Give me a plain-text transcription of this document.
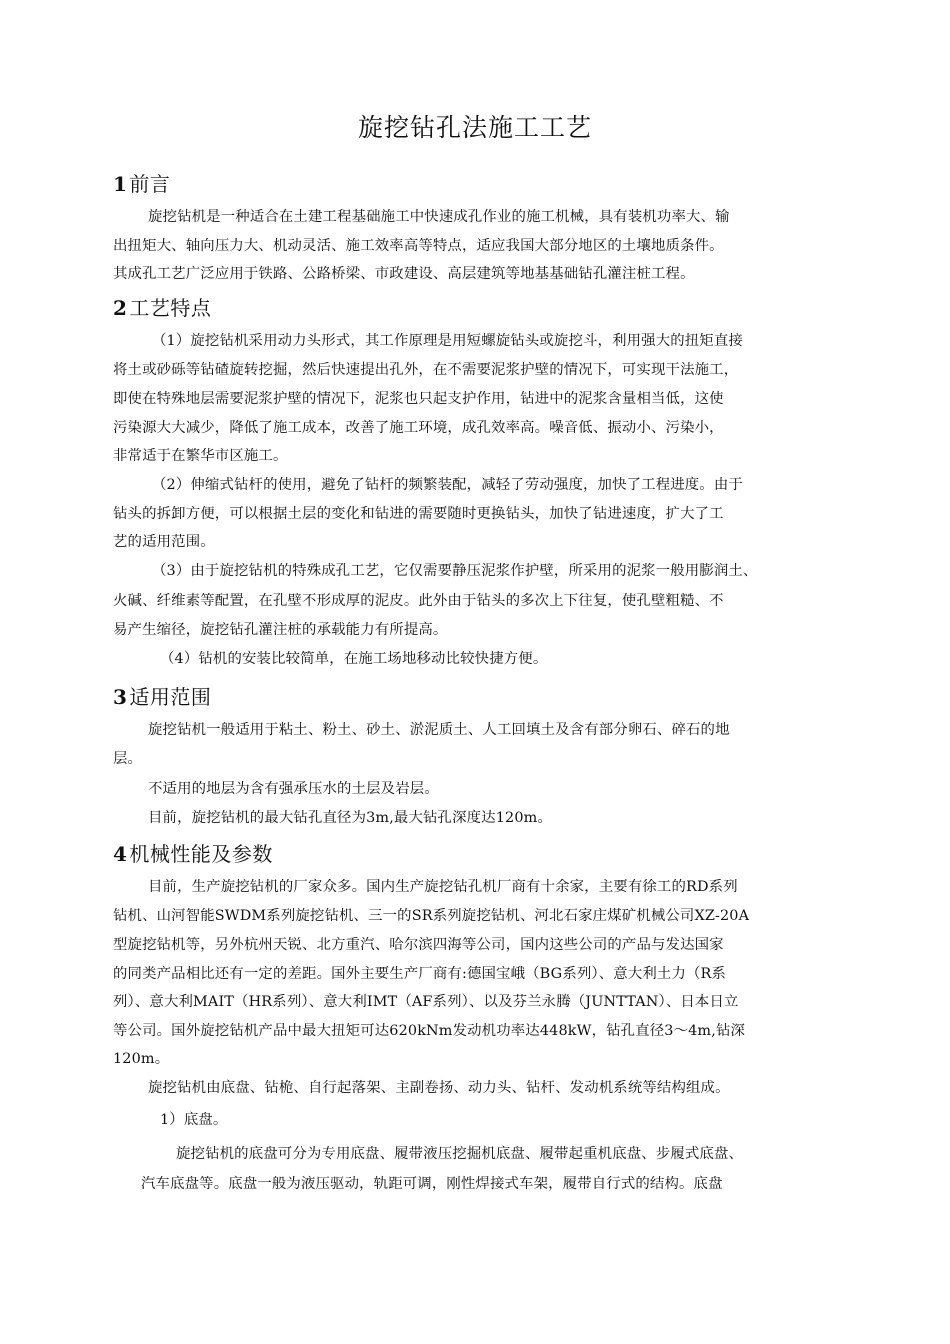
旋挖钻孔法施工工艺
1 前言
旋挖钻机是一种适合在土建工程基础施工中快速成孔作业的施工机械，具有装机功率大、输
出扭矩大、轴向压力大、机动灵活、施工效率高等特点，适应我国大部分地区的土壤地质条件。
其成孔工艺广泛应用于铁路、公路桥梁、市政建设、高层建筑等地基基础钻孔灌注桩工程。
2 工艺特点
（1）旋挖钻机采用动力头形式，其工作原理是用短螺旋钻头或旋挖斗，利用强大的扭矩直接
将土或砂砾等钻碴旋转挖掘，然后快速提出孔外，在不需要泥浆护壁的情况下，可实现干法施工，
即使在特殊地层需要泥浆护壁的情况下，泥浆也只起支护作用，钻进中的泥浆含量相当低，这使
污染源大大减少，降低了施工成本，改善了施工环境，成孔效率高。噪音低、振动小、污染小，
非常适于在繁华市区施工。
（2）伸缩式钻杆的使用，避免了钻杆的频繁装配，减轻了劳动强度，加快了工程进度。由于
钻头的拆卸方便，可以根据土层的变化和钻进的需要随时更换钻头，加快了钻进速度，扩大了工
艺的适用范围。
（3）由于旋挖钻机的特殊成孔工艺，它仅需要静压泥浆作护壁，所采用的泥浆一般用膨润土、
火碱、纤维素等配置，在孔壁不形成厚的泥皮。此外由于钻头的多次上下往复，使孔壁粗糙、不
易产生缩径，旋挖钻孔灌注桩的承载能力有所提高。
（4）钻机的安装比较简单，在施工场地移动比较快捷方便。
3 适用范围
旋挖钻机一般适用于粘土、粉土、砂土、淤泥质土、人工回填土及含有部分卵石、碎石的地
层。
不适用的地层为含有强承压水的土层及岩层。
目前，旋挖钻机的最大钻孔直径为3m,最大钻孔深度达120m。
4 机械性能及参数
目前，生产旋挖钻机的厂家众多。国内生产旋挖钻孔机厂商有十余家，主要有徐工的RD系列
钻机、山河智能SWDM系列旋挖钻机、三一的SR系列旋挖钻机、河北石家庄煤矿机械公司XZ-20A
型旋挖钻机等，另外杭州天锐、北方重汽、哈尔滨四海等公司，国内这些公司的产品与发达国家
的同类产品相比还有一定的差距。国外主要生产厂商有:德国宝峨（BG系列）、意大利土力（R系
列）、意大利MAIT（HR系列）、意大利IMT（AF系列）、以及芬兰永腾（JUNTTAN）、日本日立
等公司。国外旋挖钻机产品中最大扭矩可达620kNm发动机功率达448kW，钻孔直径3～4m,钻深
120m。
旋挖钻机由底盘、钻桅、自行起落架、主副卷扬、动力头、钻杆、发动机系统等结构组成。
1）底盘。
旋挖钻机的底盘可分为专用底盘、履带液压挖掘机底盘、履带起重机底盘、步履式底盘、
汽车底盘等。底盘一般为液压驱动，轨距可调，刚性焊接式车架，履带自行式的结构。底盘
